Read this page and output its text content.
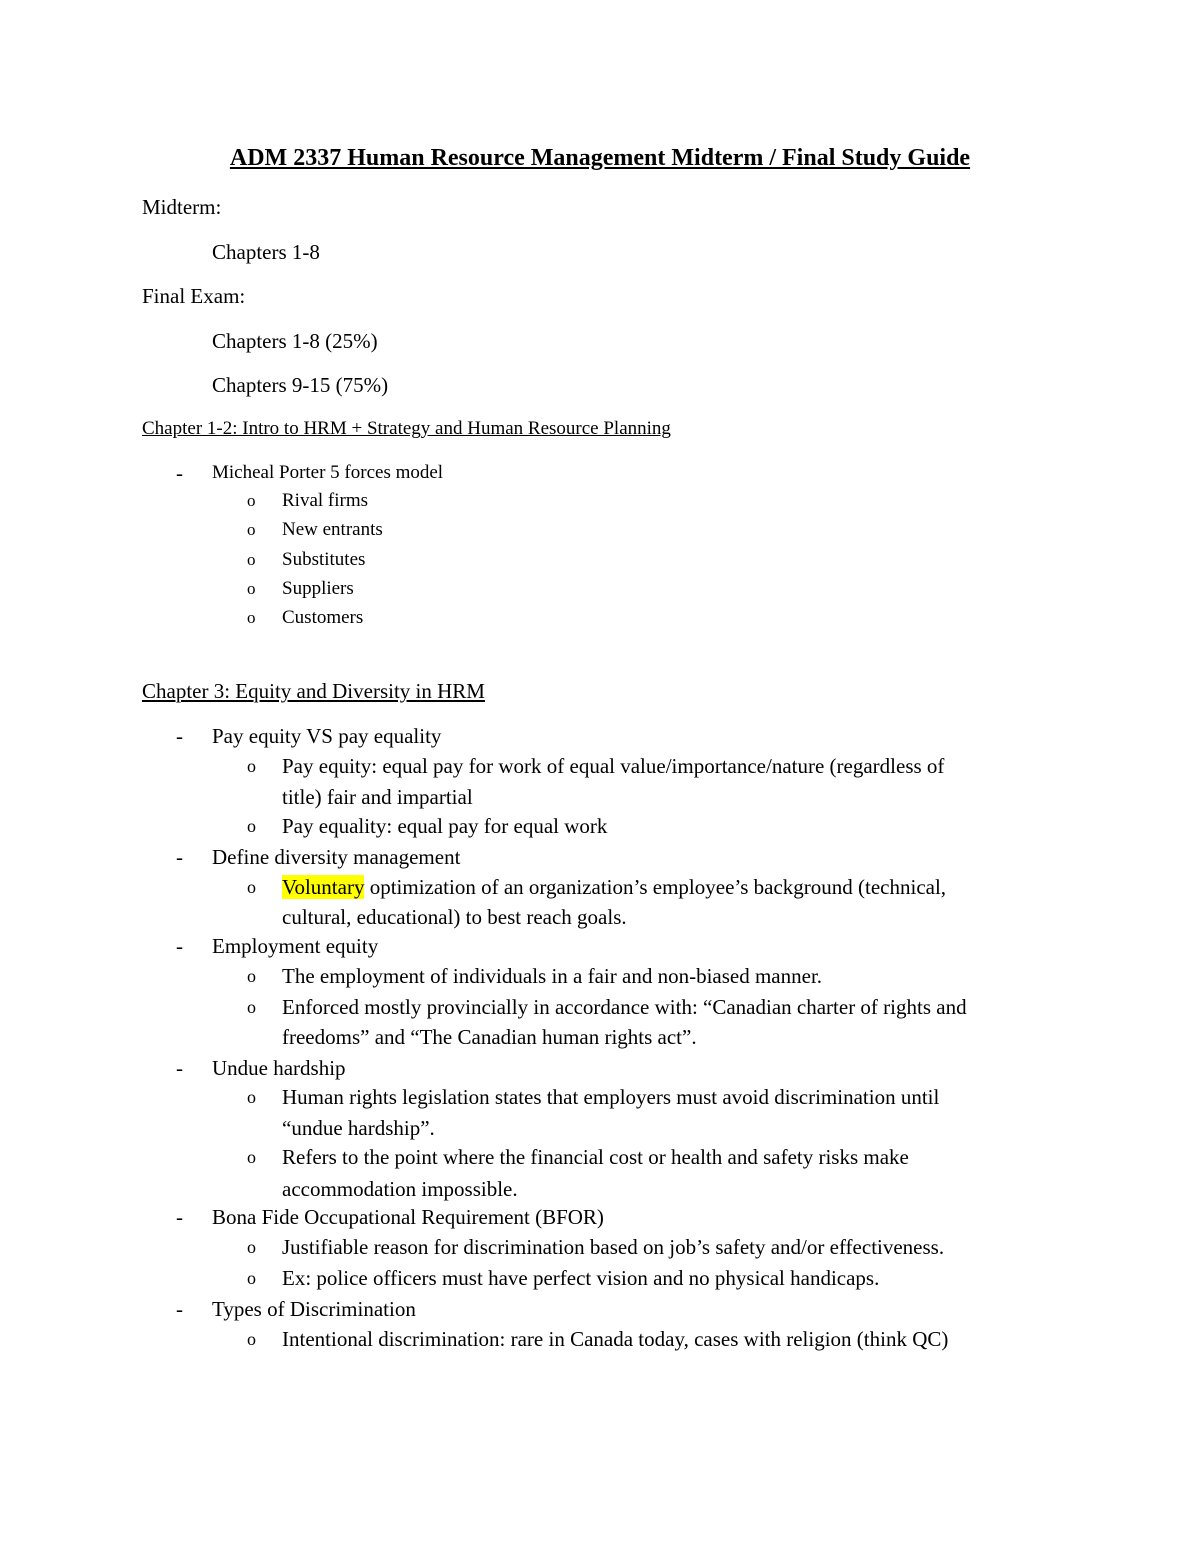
ADM 2337 Human Resource Management Midterm / Final Study Guide
Midterm:
Chapters 1-8
Final Exam:
Chapters 1-8 (25%)
Chapters 9-15 (75%)
Chapter 1-2: Intro to HRM + Strategy and Human Resource Planning
- Micheal Porter 5 forces model
o Rival firms
o New entrants
o Substitutes
o Suppliers
o Customers
Chapter 3: Equity and Diversity in HRM
- Pay equity VS pay equality
o Pay equity: equal pay for work of equal value/importance/nature (regardless of
title) fair and impartial
o Pay equality: equal pay for equal work
- Define diversity management
o Voluntary optimization of an organization’s employee’s background (technical,
cultural, educational) to best reach goals.
- Employment equity
o The employment of individuals in a fair and non-biased manner.
o Enforced mostly provincially in accordance with: “Canadian charter of rights and
freedoms” and “The Canadian human rights act”.
- Undue hardship
o Human rights legislation states that employers must avoid discrimination until
“undue hardship”.
o Refers to the point where the financial cost or health and safety risks make
accommodation impossible.
- Bona Fide Occupational Requirement (BFOR)
o Justifiable reason for discrimination based on job’s safety and/or effectiveness.
o Ex: police officers must have perfect vision and no physical handicaps.
- Types of Discrimination
o Intentional discrimination: rare in Canada today, cases with religion (think QC)
